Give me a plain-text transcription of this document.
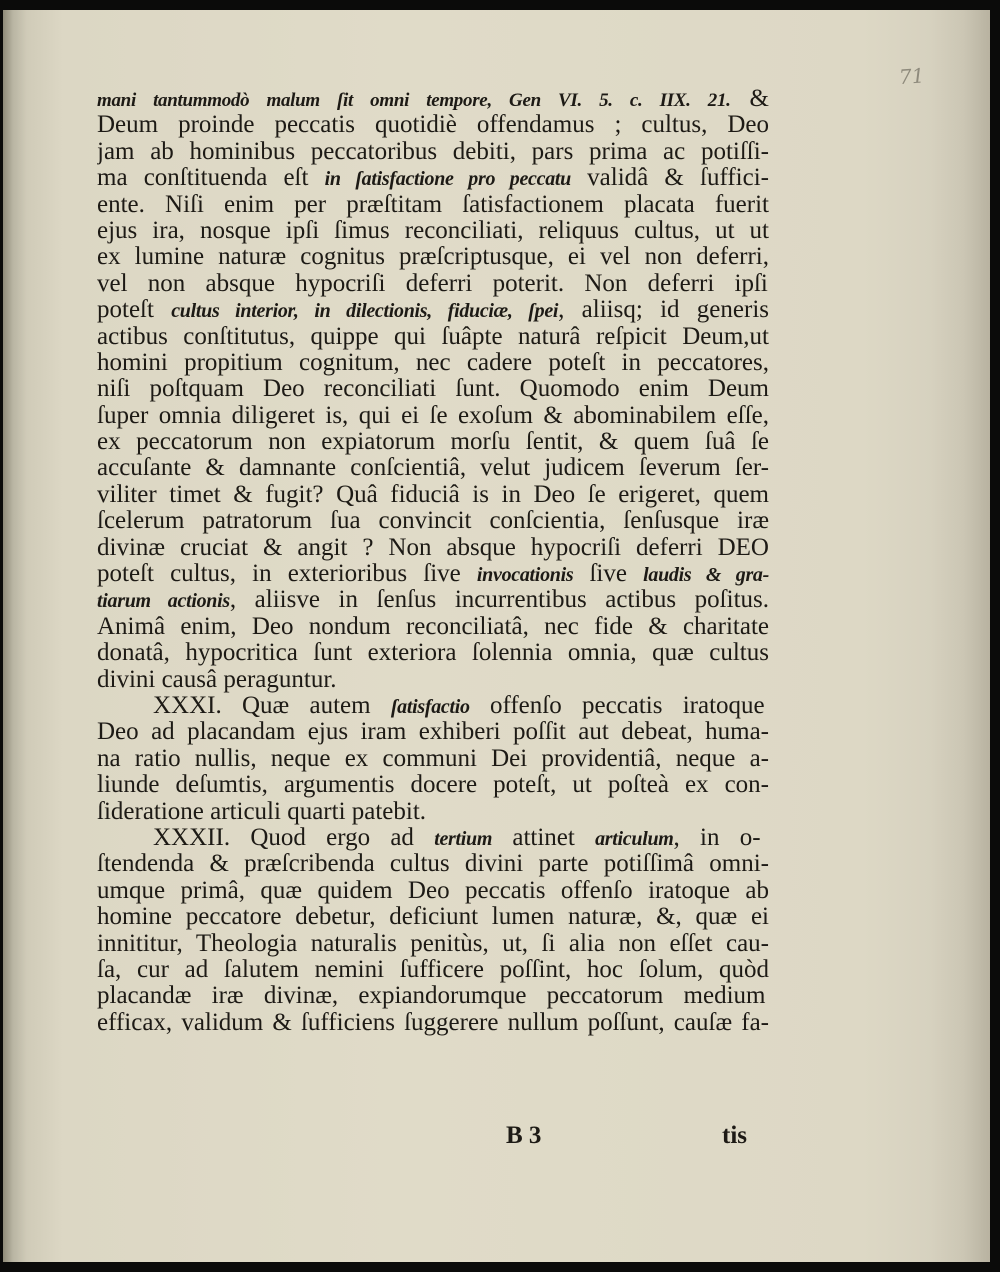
71
mani tantummodò malum ſit omni tempore, Gen VI. 5. c. IIX. 21. &
Deum proinde peccatis quotidiè offendamus ; cultus, Deo
jam ab hominibus peccatoribus debiti, pars prima ac potiſſi-
ma conſtituenda eſt in ſatisfactione pro peccatu validâ & ſuffici-
ente. Niſi enim per præſtitam ſatisfactionem placata fuerit
ejus ira, nosque ipſi ſimus reconciliati, reliquus cultus, ut ut
ex lumine naturæ cognitus præſcriptusque, ei vel non deferri,
vel non absque hypocriſi deferri poterit. Non deferri ipſi
poteſt cultus interior, in dilectionis, fiduciæ, ſpei, aliisq; id generis
actibus conſtitutus, quippe qui ſuâpte naturâ reſpicit Deum,ut
homini propitium cognitum, nec cadere poteſt in peccatores,
niſi poſtquam Deo reconciliati ſunt. Quomodo enim Deum
ſuper omnia diligeret is, qui ei ſe exoſum & abominabilem eſſe,
ex peccatorum non expiatorum morſu ſentit, & quem ſuâ ſe
accuſante & damnante conſcientiâ, velut judicem ſeverum ſer-
viliter timet & fugit? Quâ fiduciâ is in Deo ſe erigeret, quem
ſcelerum patratorum ſua convincit conſcientia, ſenſusque iræ
divinæ cruciat & angit ? Non absque hypocriſi deferri DEO
poteſt cultus, in exterioribus ſive invocationis ſive laudis & gra-
tiarum actionis, aliisve in ſenſus incurrentibus actibus poſitus.
Animâ enim, Deo nondum reconciliatâ, nec fide & charitate
donatâ, hypocritica ſunt exteriora ſolennia omnia, quæ cultus
divini causâ peraguntur.
XXXI. Quæ autem ſatisfactio offenſo peccatis iratoque
Deo ad placandam ejus iram exhiberi poſſit aut debeat, huma-
na ratio nullis, neque ex communi Dei providentiâ, neque a-
liunde deſumtis, argumentis docere poteſt, ut poſteà ex con-
ſideratione articuli quarti patebit.
XXXII. Quod ergo ad tertium attinet articulum, in o-
ſtendenda & præſcribenda cultus divini parte potiſſimâ omni-
umque primâ, quæ quidem Deo peccatis offenſo iratoque ab
homine peccatore debetur, deficiunt lumen naturæ, &, quæ ei
innititur, Theologia naturalis penitùs, ut, ſi alia non eſſet cau-
ſa, cur ad ſalutem nemini ſufficere poſſint, hoc ſolum, quòd
placandæ iræ divinæ, expiandorumque peccatorum medium
efficax, validum & ſufficiens ſuggerere nullum poſſunt, cauſæ fa-
B 3	tis
